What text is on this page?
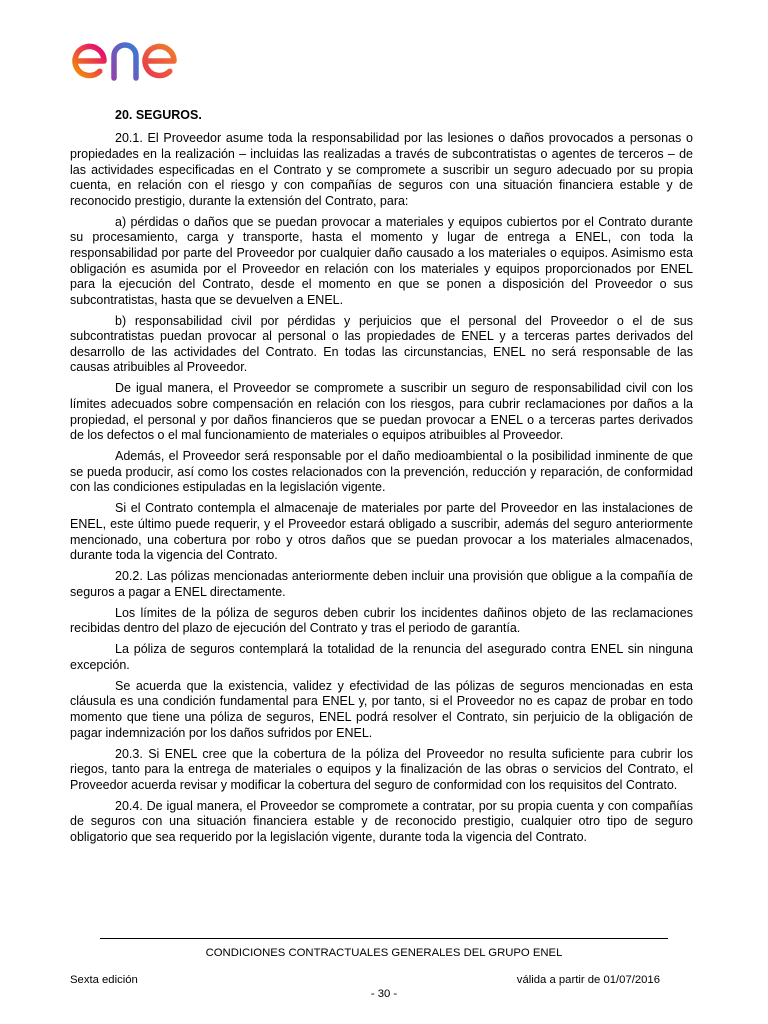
20. SEGUROS.
20.1. El Proveedor asume toda la responsabilidad por las lesiones o daños provocados a personas o
propiedades en la realización – incluidas las realizadas a través de subcontratistas o agentes de terceros – de
las actividades especificadas en el Contrato y se compromete a suscribir un seguro adecuado por su propia
cuenta, en relación con el riesgo y con compañías de seguros con una situación financiera estable y de
reconocido prestigio, durante la extensión del Contrato, para:
a) pérdidas o daños que se puedan provocar a materiales y equipos cubiertos por el Contrato durante
su procesamiento, carga y transporte, hasta el momento y lugar de entrega a ENEL, con toda la
responsabilidad por parte del Proveedor por cualquier daño causado a los materiales o equipos. Asimismo esta
obligación es asumida por el Proveedor en relación con los materiales y equipos proporcionados por ENEL
para la ejecución del Contrato, desde el momento en que se ponen a disposición del Proveedor o sus
subcontratistas, hasta que se devuelven a ENEL.
b) responsabilidad civil por pérdidas y perjuicios que el personal del Proveedor o el de sus
subcontratistas puedan provocar al personal o las propiedades de ENEL y a terceras partes derivados del
desarrollo de las actividades del Contrato. En todas las circunstancias, ENEL no será responsable de las
causas atribuibles al Proveedor.
De igual manera, el Proveedor se compromete a suscribir un seguro de responsabilidad civil con los
límites adecuados sobre compensación en relación con los riesgos, para cubrir reclamaciones por daños a la
propiedad, el personal y por daños financieros que se puedan provocar a ENEL o a terceras partes derivados
de los defectos o el mal funcionamiento de materiales o equipos atribuibles al Proveedor.
Además, el Proveedor será responsable por el daño medioambiental o la posibilidad inminente de que
se pueda producir, así como los costes relacionados con la prevención, reducción y reparación, de conformidad
con las condiciones estipuladas en la legislación vigente.
Si el Contrato contempla el almacenaje de materiales por parte del Proveedor en las instalaciones de
ENEL, este último puede requerir, y el Proveedor estará obligado a suscribir, además del seguro anteriormente
mencionado, una cobertura por robo y otros daños que se puedan provocar a los materiales almacenados,
durante toda la vigencia del Contrato.
20.2. Las pólizas mencionadas anteriormente deben incluir una provisión que obligue a la compañía de
seguros a pagar a ENEL directamente.
Los límites de la póliza de seguros deben cubrir los incidentes dañinos objeto de las reclamaciones
recibidas dentro del plazo de ejecución del Contrato y tras el periodo de garantía.
La póliza de seguros contemplará la totalidad de la renuncia del asegurado contra ENEL sin ninguna
excepción.
Se acuerda que la existencia, validez y efectividad de las pólizas de seguros mencionadas en esta
cláusula es una condición fundamental para ENEL y, por tanto, si el Proveedor no es capaz de probar en todo
momento que tiene una póliza de seguros, ENEL podrá resolver el Contrato, sin perjuicio de la obligación de
pagar indemnización por los daños sufridos por ENEL.
20.3. Si ENEL cree que la cobertura de la póliza del Proveedor no resulta suficiente para cubrir los
riegos, tanto para la entrega de materiales o equipos y la finalización de las obras o servicios del Contrato, el
Proveedor acuerda revisar y modificar la cobertura del seguro de conformidad con los requisitos del Contrato.
20.4. De igual manera, el Proveedor se compromete a contratar, por su propia cuenta y con compañías
de seguros con una situación financiera estable y de reconocido prestigio, cualquier otro tipo de seguro
obligatorio que sea requerido por la legislación vigente, durante toda la vigencia del Contrato.
CONDICIONES CONTRACTUALES GENERALES DEL GRUPO ENEL
Sexta edición	válida a partir de 01/07/2016
- 30 -
